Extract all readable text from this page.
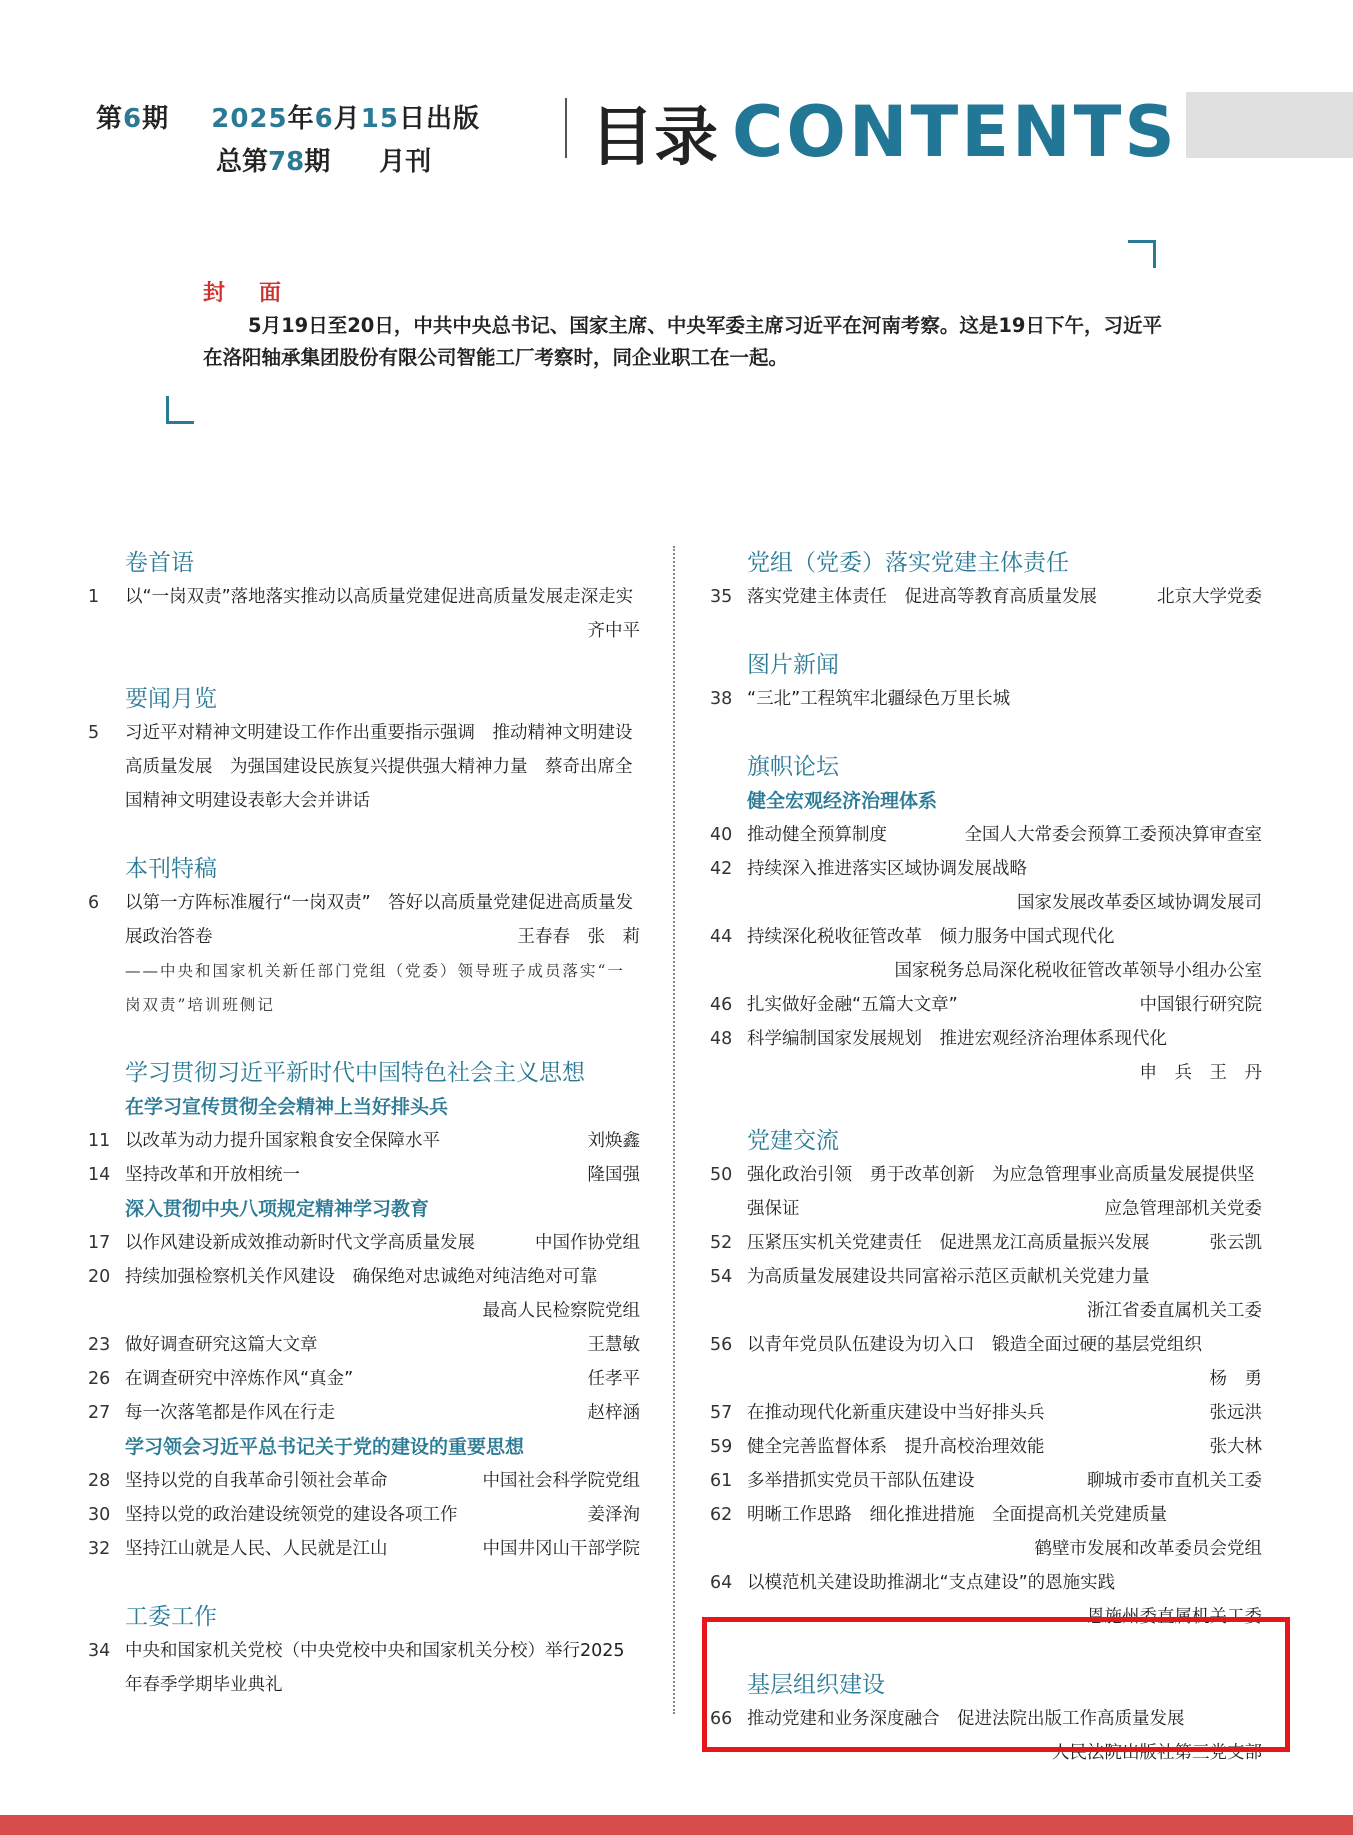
第6期 2025年6月15日出版
总第78期 月刊	目录 CONTENTS
封面
5月19日至20日，中共中央总书记、国家主席、中央军委主席习近平在河南考察。这是19日下午，习近平在洛阳轴承集团股份有限公司智能工厂考察时，同企业职工在一起。
卷首语
1	以“一岗双责”落地落实推动以高质量党建促进高质量发展走深走实
齐中平
要闻月览
5	习近平对精神文明建设工作作出重要指示强调　推动精神文明建设高质量发展　为强国建设民族复兴提供强大精神力量　蔡奇出席全国精神文明建设表彰大会并讲话
本刊特稿
6	以第一方阵标准履行“一岗双责”　答好以高质量党建促进高质量发展政治答卷	王春春　张　莉
——中央和国家机关新任部门党组（党委）领导班子成员落实“一岗双责”培训班侧记
学习贯彻习近平新时代中国特色社会主义思想
在学习宣传贯彻全会精神上当好排头兵
11 以改革为动力提升国家粮食安全保障水平	刘焕鑫
14 坚持改革和开放相统一	隆国强
深入贯彻中央八项规定精神学习教育
17 以作风建设新成效推动新时代文学高质量发展	中国作协党组
20 持续加强检察机关作风建设　确保绝对忠诚绝对纯洁绝对可靠
最高人民检察院党组
23 做好调查研究这篇大文章	王慧敏
26 在调查研究中淬炼作风“真金”	任孝平
27 每一次落笔都是作风在行走	赵梓涵
学习领会习近平总书记关于党的建设的重要思想
28 坚持以党的自我革命引领社会革命	中国社会科学院党组
30 坚持以党的政治建设统领党的建设各项工作	姜泽洵
32 坚持江山就是人民、人民就是江山	中国井冈山干部学院
工委工作
34 中央和国家机关党校（中央党校中央和国家机关分校）举行2025年春季学期毕业典礼
党组（党委）落实党建主体责任
35 落实党建主体责任　促进高等教育高质量发展	北京大学党委
图片新闻
38 “三北”工程筑牢北疆绿色万里长城
旗帜论坛
健全宏观经济治理体系
40 推动健全预算制度	全国人大常委会预算工委预决算审查室
42 持续深入推进落实区域协调发展战略
国家发展改革委区域协调发展司
44 持续深化税收征管改革　倾力服务中国式现代化
国家税务总局深化税收征管改革领导小组办公室
46 扎实做好金融“五篇大文章”	中国银行研究院
48 科学编制国家发展规划　推进宏观经济治理体系现代化
申　兵　王　丹
党建交流
50 强化政治引领　勇于改革创新　为应急管理事业高质量发展提供坚强保证	应急管理部机关党委
52 压紧压实机关党建责任　促进黑龙江高质量振兴发展	张云凯
54 为高质量发展建设共同富裕示范区贡献机关党建力量
浙江省委直属机关工委
56 以青年党员队伍建设为切入口　锻造全面过硬的基层党组织
杨　勇
57 在推动现代化新重庆建设中当好排头兵	张远洪
59 健全完善监督体系　提升高校治理效能	张大林
61 多举措抓实党员干部队伍建设	聊城市委市直机关工委
62 明晰工作思路　细化推进措施　全面提高机关党建质量
鹤壁市发展和改革委员会党组
64 以模范机关建设助推湖北“支点建设”的恩施实践
恩施州委直属机关工委
基层组织建设
66 推动党建和业务深度融合　促进法院出版工作高质量发展
人民法院出版社第三党支部
